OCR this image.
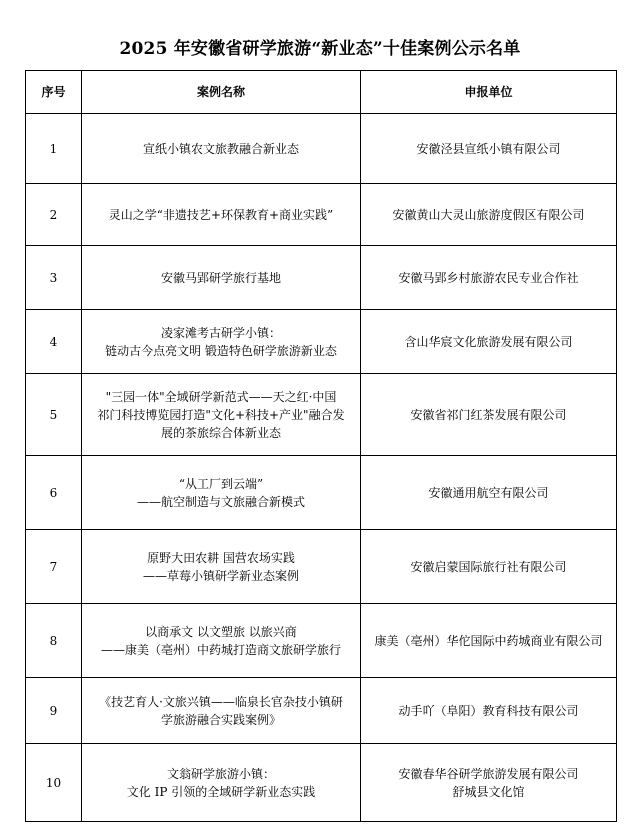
2025 年安徽省研学旅游“新业态”十佳案例公示名单
序号	案例名称	申报单位
1	宣纸小镇农文旅教融合新业态	安徽泾县宣纸小镇有限公司
2	灵山之学“非遗技艺+环保教育+商业实践”	安徽黄山大灵山旅游度假区有限公司
3	安徽马郢研学旅行基地	安徽马郢乡村旅游农民专业合作社
4	凌家滩考古研学小镇：
链动古今点亮文明 锻造特色研学旅游新业态	含山华宸文化旅游发展有限公司
5	"三园一体"全域研学新范式——天之红·中国
祁门科技博览园打造"文化+科技+产业"融合发
展的茶旅综合体新业态	安徽省祁门红茶发展有限公司
6	“从工厂到云端”
——航空制造与文旅融合新模式	安徽通用航空有限公司
7	原野大田农耕 国营农场实践
——草莓小镇研学新业态案例	安徽启蒙国际旅行社有限公司
8	以商承文 以文塑旅 以旅兴商
——康美（亳州）中药城打造商文旅研学旅行	康美（亳州）华佗国际中药城商业有限公司
9	《技艺育人·文旅兴镇——临泉长官杂技小镇研
学旅游融合实践案例》	动手吖（阜阳）教育科技有限公司
10	文翁研学旅游小镇：
文化 IP 引领的全域研学新业态实践	安徽春华谷研学旅游发展有限公司
舒城县文化馆
